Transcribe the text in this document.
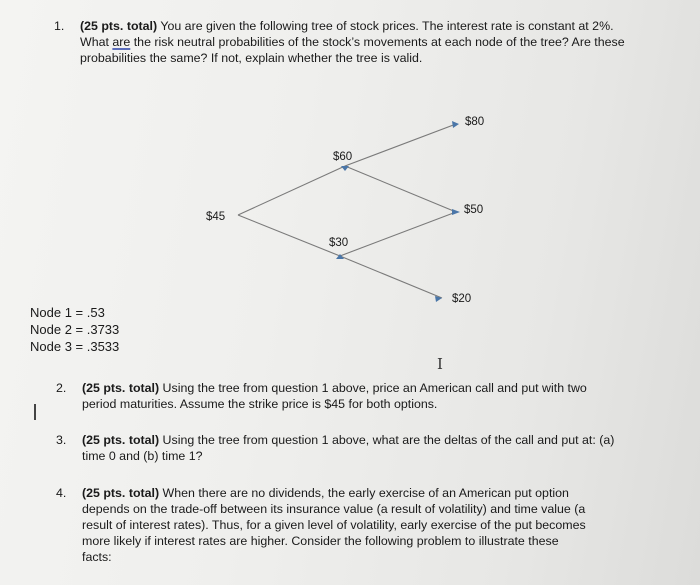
1. (25 pts. total) You are given the following tree of stock prices. The interest rate is constant at 2%. What are the risk neutral probabilities of the stock’s movements at each node of the tree? Are these probabilities the same? If not, explain whether the tree is valid.
$45
$60
$30
$80
$50
$20
Node 1 = .53
Node 2 = .3733
Node 3 = .3533
I
2. (25 pts. total) Using the tree from question 1 above, price an American call and put with two period maturities. Assume the strike price is $45 for both options.
3. (25 pts. total) Using the tree from question 1 above, what are the deltas of the call and put at: (a) time 0 and (b) time 1?
4. (25 pts. total) When there are no dividends, the early exercise of an American put option depends on the trade-off between its insurance value (a result of volatility) and time value (a result of interest rates). Thus, for a given level of volatility, early exercise of the put becomes more likely if interest rates are higher. Consider the following problem to illustrate these facts:
